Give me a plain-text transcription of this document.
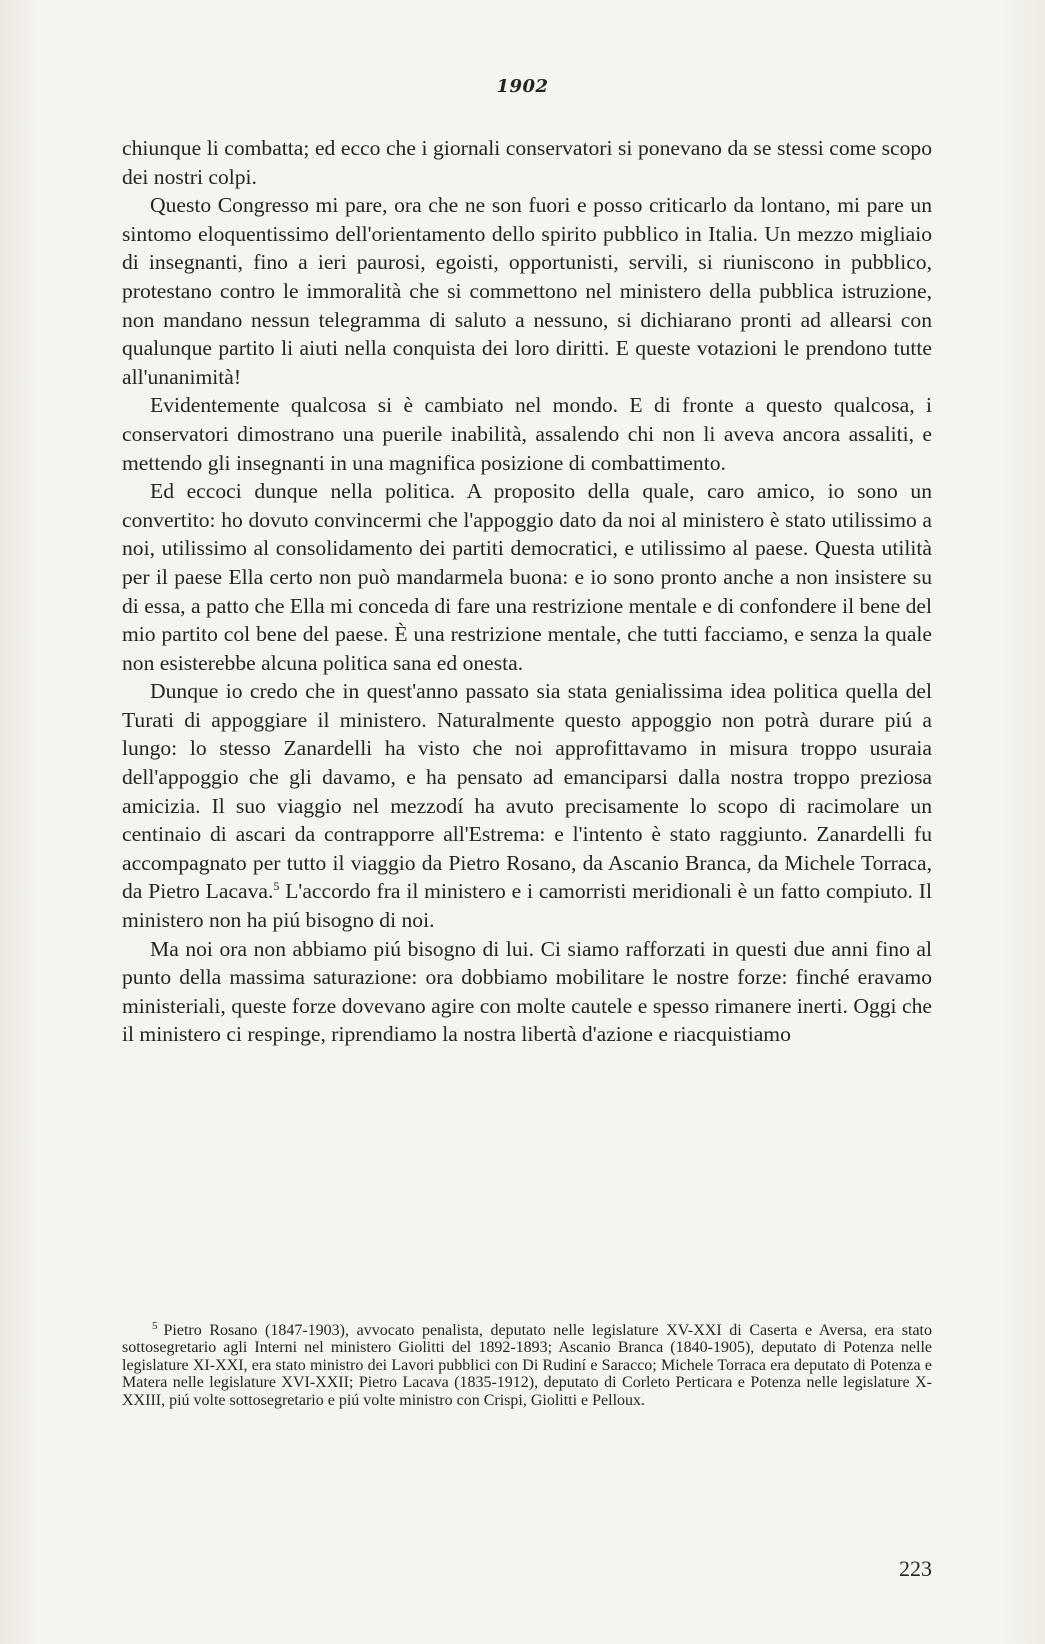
1902

chiunque li combatta; ed ecco che i giornali conservatori si ponevano da se stessi come scopo dei nostri colpi.

Questo Congresso mi pare, ora che ne son fuori e posso criticarlo da lontano, mi pare un sintomo eloquentissimo dell'orientamento dello spirito pubblico in Italia. Un mezzo migliaio di insegnanti, fino a ieri paurosi, egoisti, opportunisti, servili, si riuniscono in pubblico, protestano contro le immoralità che si commettono nel ministero della pubblica istruzione, non mandano nessun telegramma di saluto a nessuno, si dichiarano pronti ad allearsi con qualunque partito li aiuti nella conquista dei loro diritti. E queste votazioni le prendono tutte all'unanimità!

Evidentemente qualcosa si è cambiato nel mondo. E di fronte a questo qualcosa, i conservatori dimostrano una puerile inabilità, assalendo chi non li aveva ancora assaliti, e mettendo gli insegnanti in una magnifica posizione di combattimento.

Ed eccoci dunque nella politica. A proposito della quale, caro amico, io sono un convertito: ho dovuto convincermi che l'appoggio dato da noi al ministero è stato utilissimo a noi, utilissimo al consolidamento dei partiti democratici, e utilissimo al paese. Questa utilità per il paese Ella certo non può mandarmela buona: e io sono pronto anche a non insistere su di essa, a patto che Ella mi conceda di fare una restrizione mentale e di confondere il bene del mio partito col bene del paese. È una restrizione mentale, che tutti facciamo, e senza la quale non esisterebbe alcuna politica sana ed onesta.

Dunque io credo che in quest'anno passato sia stata genialissima idea politica quella del Turati di appoggiare il ministero. Naturalmente questo appoggio non potrà durare piú a lungo: lo stesso Zanardelli ha visto che noi approfittavamo in misura troppo usuraia dell'appoggio che gli davamo, e ha pensato ad emanciparsi dalla nostra troppo preziosa amicizia. Il suo viaggio nel mezzodí ha avuto precisamente lo scopo di racimolare un centinaio di ascari da contrapporre all'Estrema: e l'intento è stato raggiunto. Zanardelli fu accompagnato per tutto il viaggio da Pietro Rosano, da Ascanio Branca, da Michele Torraca, da Pietro Lacava.$^5$ L'accordo fra il ministero e i camorristi meridionali è un fatto compiuto. Il ministero non ha piú bisogno di noi.

Ma noi ora non abbiamo piú bisogno di lui. Ci siamo rafforzati in questi due anni fino al punto della massima saturazione: ora dobbiamo mobilitare le nostre forze: finché eravamo ministeriali, queste forze dovevano agire con molte cautele e spesso rimanere inerti. Oggi che il ministero ci respinge, riprendiamo la nostra libertà d'azione e riacquistiamo

$^5$ Pietro Rosano (1847-1903), avvocato penalista, deputato nelle legislature XV-XXI di Caserta e Aversa, era stato sottosegretario agli Interni nel ministero Giolitti del 1892-1893; Ascanio Branca (1840-1905), deputato di Potenza nelle legislature XI-XXI, era stato ministro dei Lavori pubblici con Di Rudiní e Saracco; Michele Torraca era deputato di Potenza e Matera nelle legislature XVI-XXII; Pietro Lacava (1835-1912), deputato di Corleto Perticara e Potenza nelle legislature X-XXIII, piú volte sottosegretario e piú volte ministro con Crispi, Giolitti e Pelloux.
223
